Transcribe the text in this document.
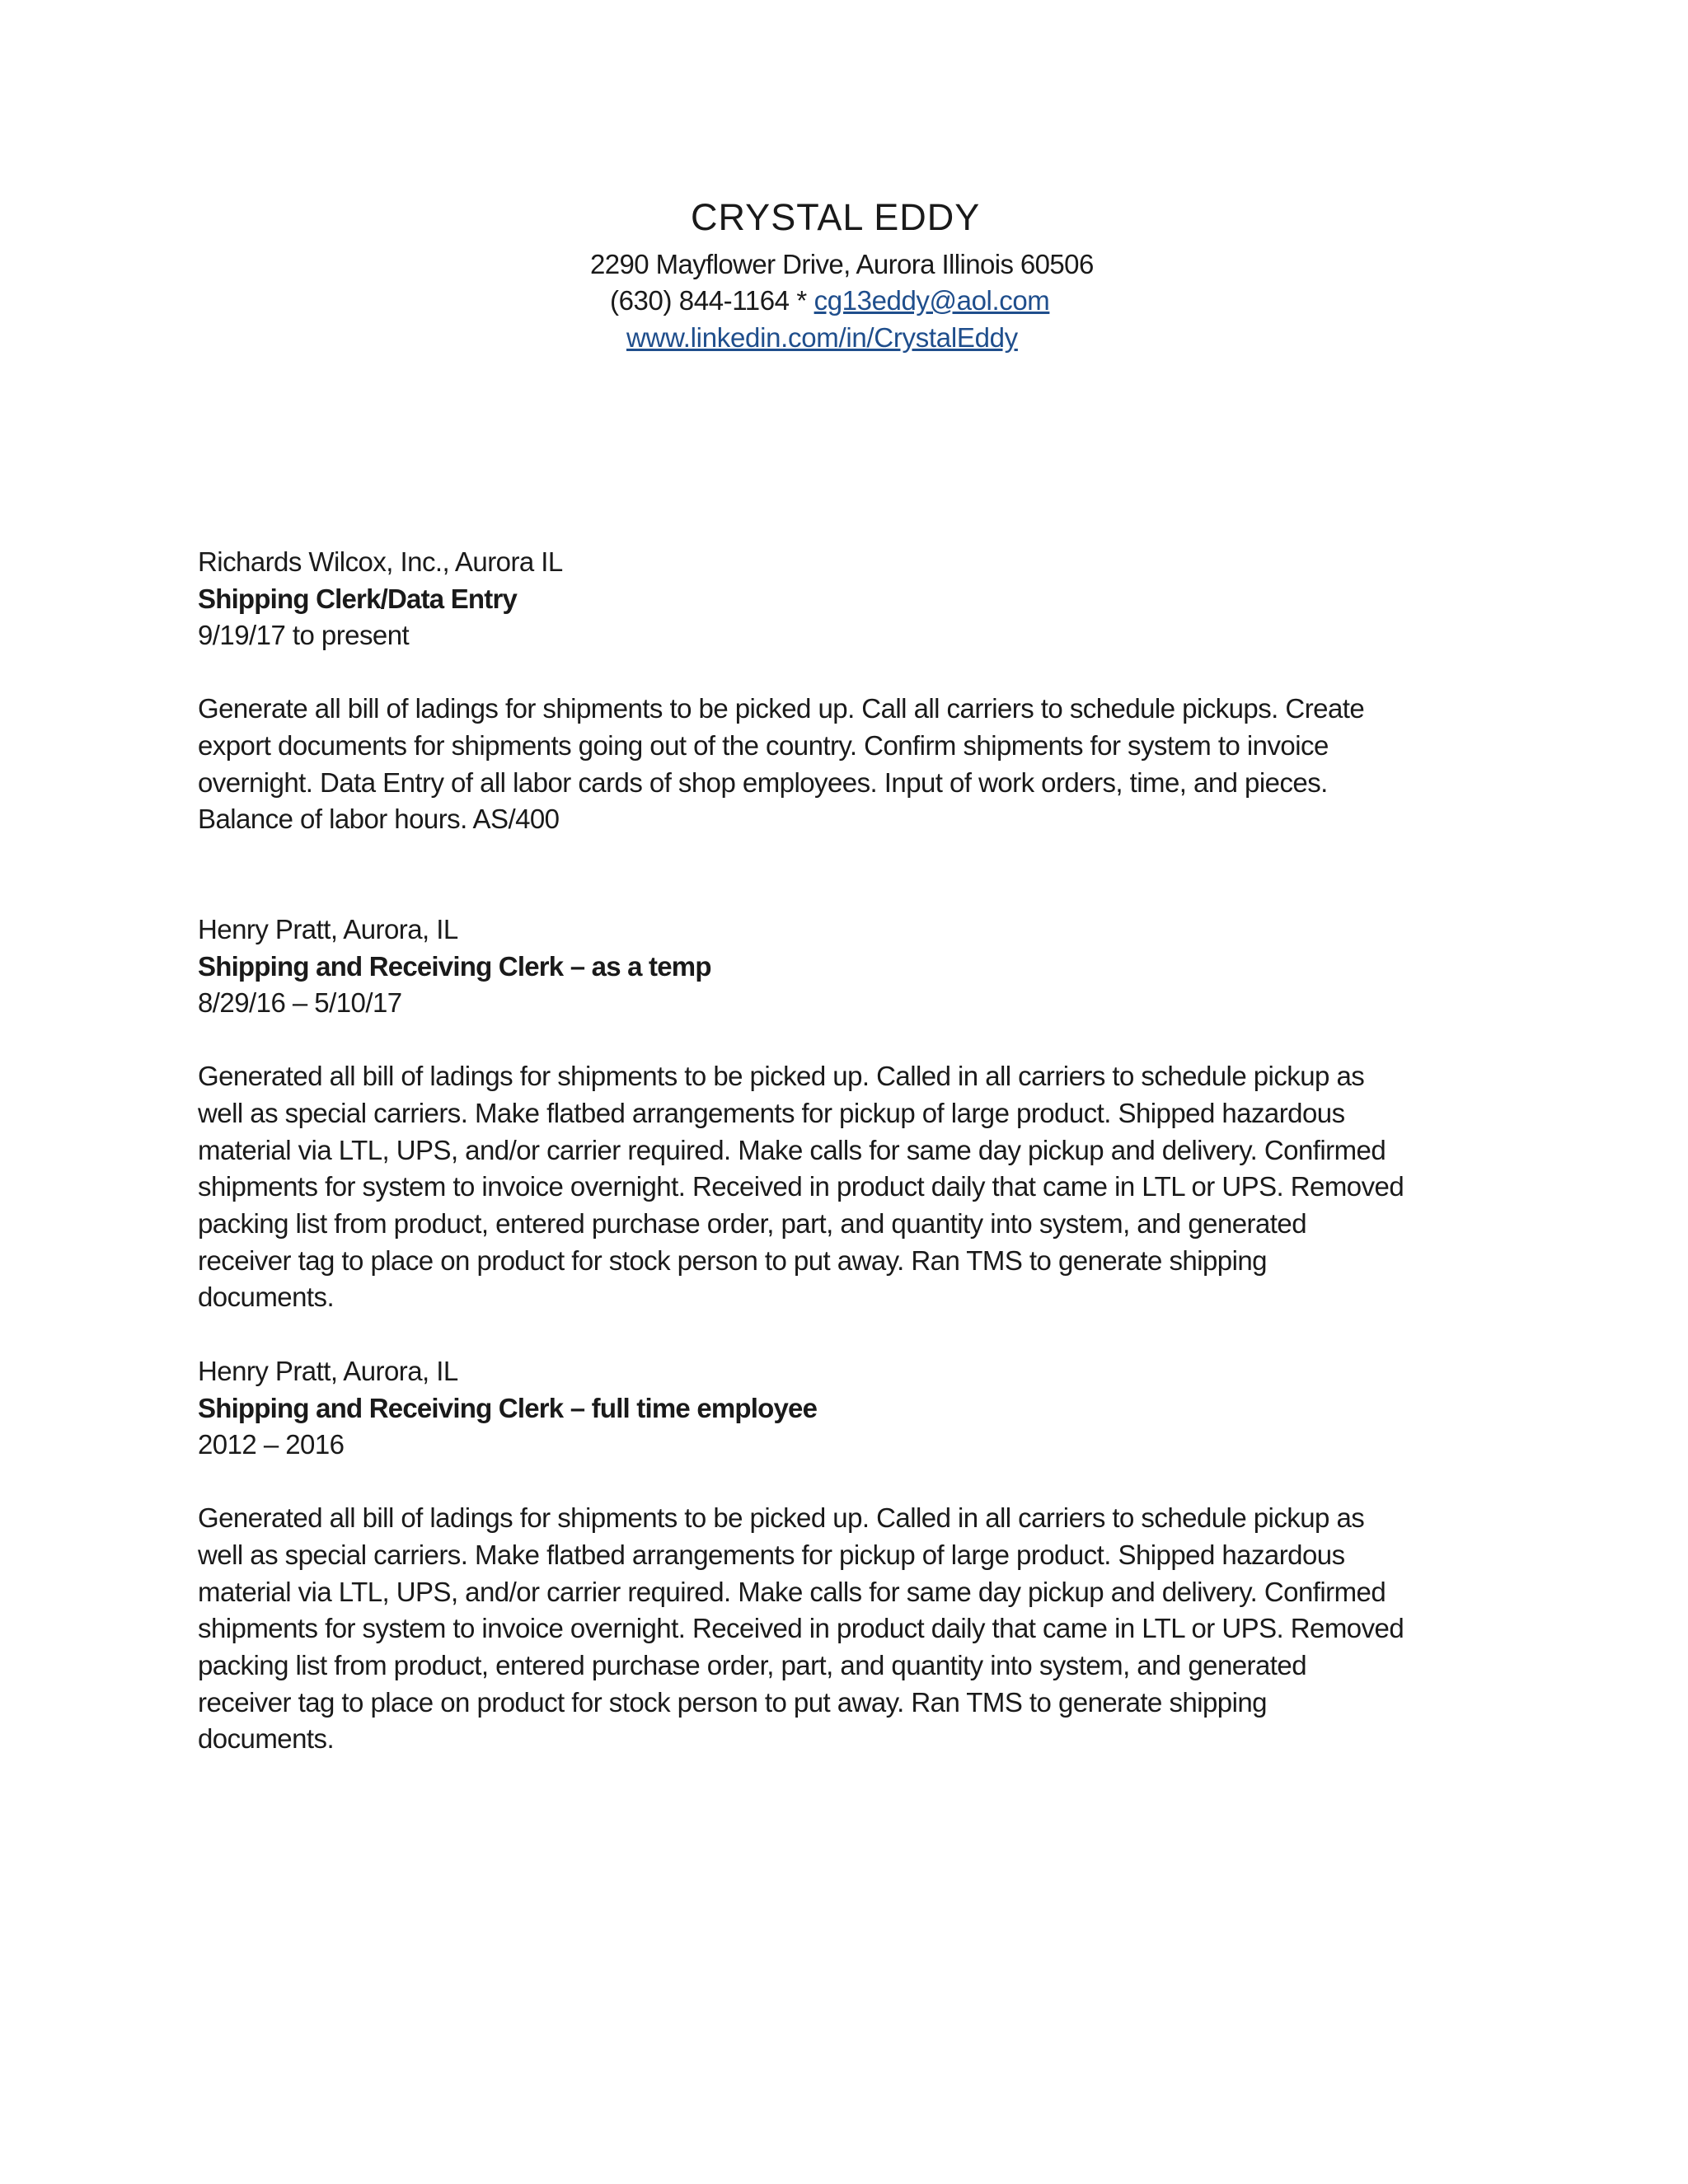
CRYSTAL EDDY
2290 Mayflower Drive, Aurora Illinois 60506
(630) 844-1164 * cg13eddy@aol.com
www.linkedin.com/in/CrystalEddy
Richards Wilcox, Inc., Aurora IL
Shipping Clerk/Data Entry
9/19/17 to present
Generate all bill of ladings for shipments to be picked up. Call all carriers to schedule pickups. Create
export documents for shipments going out of the country. Confirm shipments for system to invoice
overnight. Data Entry of all labor cards of shop employees. Input of work orders, time, and pieces.
Balance of labor hours. AS/400
Henry Pratt, Aurora, IL
Shipping and Receiving Clerk – as a temp
8/29/16 – 5/10/17
Generated all bill of ladings for shipments to be picked up. Called in all carriers to schedule pickup as
well as special carriers. Make flatbed arrangements for pickup of large product. Shipped hazardous
material via LTL, UPS, and/or carrier required. Make calls for same day pickup and delivery. Confirmed
shipments for system to invoice overnight. Received in product daily that came in LTL or UPS. Removed
packing list from product, entered purchase order, part, and quantity into system, and generated
receiver tag to place on product for stock person to put away. Ran TMS to generate shipping
documents.
Henry Pratt, Aurora, IL
Shipping and Receiving Clerk – full time employee
2012 – 2016
Generated all bill of ladings for shipments to be picked up. Called in all carriers to schedule pickup as
well as special carriers. Make flatbed arrangements for pickup of large product. Shipped hazardous
material via LTL, UPS, and/or carrier required. Make calls for same day pickup and delivery. Confirmed
shipments for system to invoice overnight. Received in product daily that came in LTL or UPS. Removed
packing list from product, entered purchase order, part, and quantity into system, and generated
receiver tag to place on product for stock person to put away. Ran TMS to generate shipping
documents.
